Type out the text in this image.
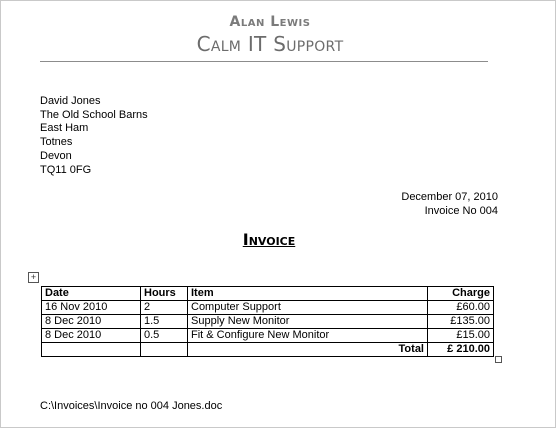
Alan Lewis
Calm IT Support
David Jones
The Old School Barns
East Ham
Totnes
Devon
TQ11 0FG
December 07, 2010
Invoice No 004
Invoice
+
Date	Hours	Item	Charge
16 Nov 2010	2	Computer Support	£60.00
8 Dec 2010	1.5	Supply New Monitor	£135.00
8 Dec 2010	0.5	Fit & Configure New Monitor	£15.00
		Total	£ 210.00
C:\Invoices\Invoice no 004 Jones.doc
